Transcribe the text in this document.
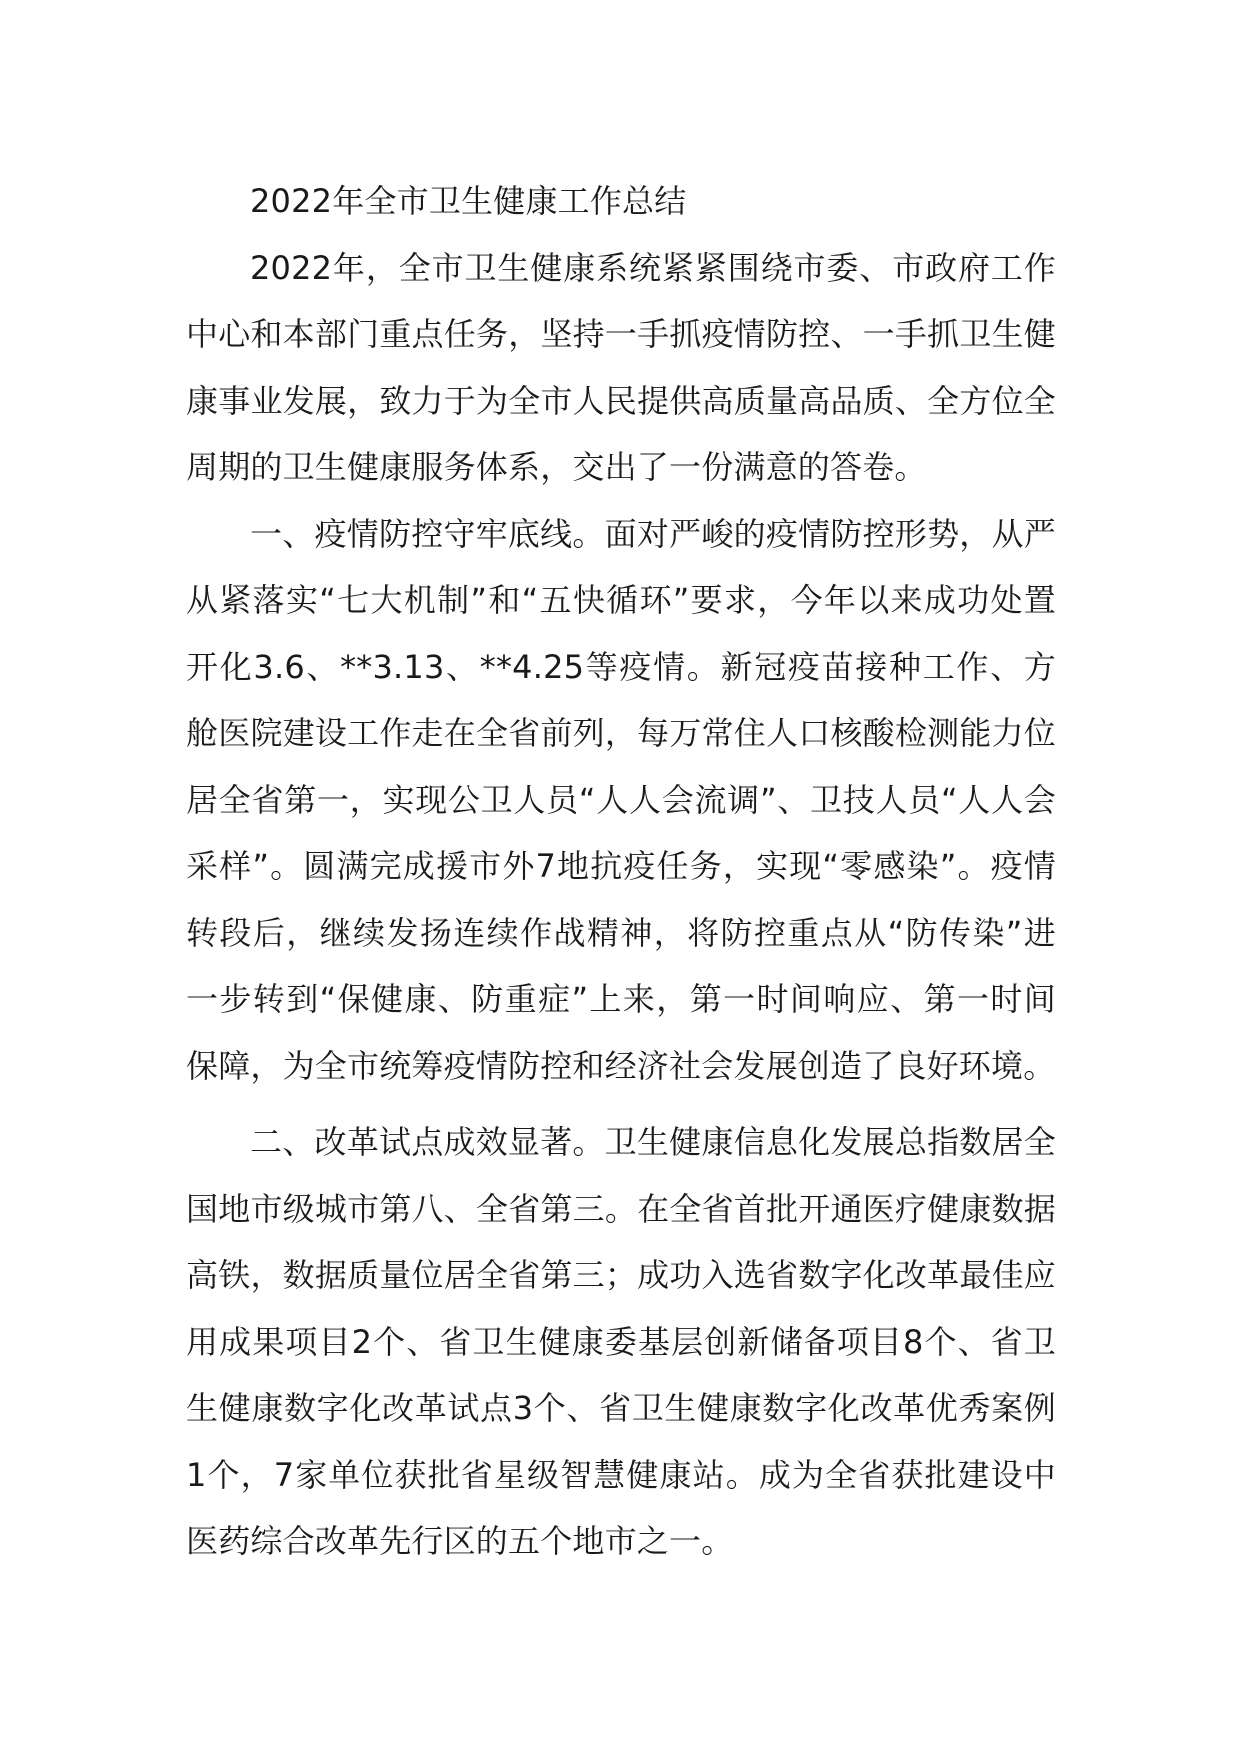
2022年全市卫生健康工作总结

2022年，全市卫生健康系统紧紧围绕市委、市政府工作中心和本部门重点任务，坚持一手抓疫情防控、一手抓卫生健康事业发展，致力于为全市人民提供高质量高品质、全方位全周期的卫生健康服务体系，交出了一份满意的答卷。

一、疫情防控守牢底线。面对严峻的疫情防控形势，从严从紧落实“七大机制”和“五快循环”要求，今年以来成功处置开化3.6、**3.13、**4.25等疫情。新冠疫苗接种工作、方舱医院建设工作走在全省前列，每万常住人口核酸检测能力位居全省第一，实现公卫人员“人人会流调”、卫技人员“人人会采样”。圆满完成援市外7地抗疫任务，实现“零感染”。疫情转段后，继续发扬连续作战精神，将防控重点从“防传染”进一步转到“保健康、防重症”上来，第一时间响应、第一时间保障，为全市统筹疫情防控和经济社会发展创造了良好环境。

二、改革试点成效显著。卫生健康信息化发展总指数居全国地市级城市第八、全省第三。在全省首批开通医疗健康数据高铁，数据质量位居全省第三；成功入选省数字化改革最佳应用成果项目2个、省卫生健康委基层创新储备项目8个、省卫生健康数字化改革试点3个、省卫生健康数字化改革优秀案例1个，7家单位获批省星级智慧健康站。成为全省获批建设中医药综合改革先行区的五个地市之一。
